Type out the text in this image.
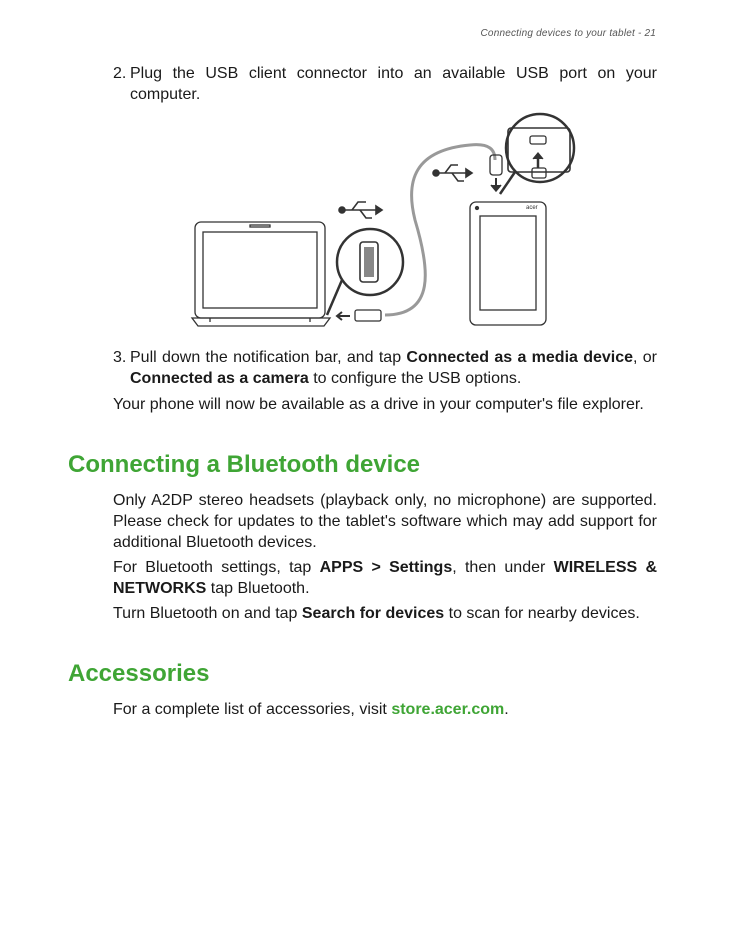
Connecting devices to your tablet - 21
2. Plug the USB client connector into an available USB port on your computer.
acer
3. Pull down the notification bar, and tap Connected as a media device, or Connected as a camera to configure the USB options.
Your phone will now be available as a drive in your computer's file explorer.
Connecting a Bluetooth device
Only A2DP stereo headsets (playback only, no microphone) are supported. Please check for updates to the tablet's software which may add support for additional Bluetooth devices.
For Bluetooth settings, tap APPS > Settings, then under WIRELESS & NETWORKS tap Bluetooth.
Turn Bluetooth on and tap Search for devices to scan for nearby devices.
Accessories
For a complete list of accessories, visit store.acer.com.
